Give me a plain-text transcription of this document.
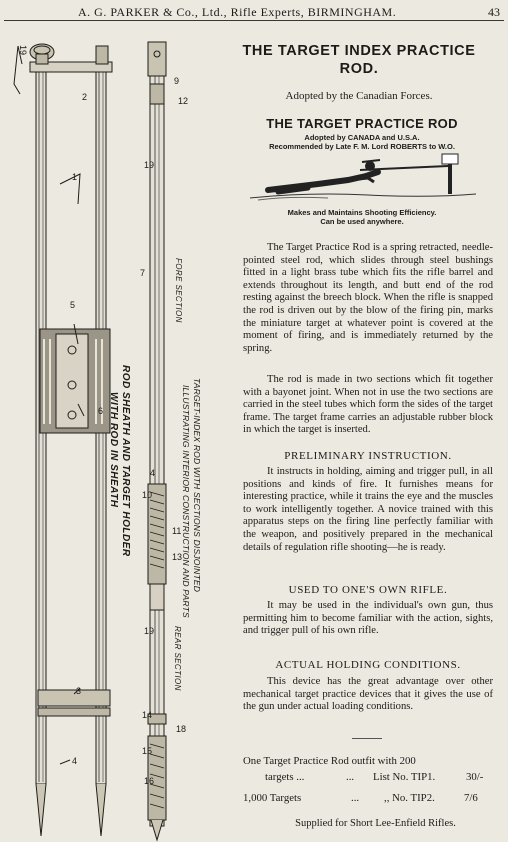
A. G. PARKER & Co., Ltd., Rifle Experts, BIRMINGHAM.	43
19
2
1
5
6
3
4
9
12
19
7
4
10
11
13
19
14
18
15
16
ROD SHEATH AND TARGET HOLDER
WITH ROD IN SHEATH	TARGET-INDEX ROD WITH SECTIONS DISJOINTED
ILLUSTRATING INTERIOR CONSTRUCTION AND PARTS
FORE SECTION
REAR SECTION
THE TARGET INDEX PRACTICE
ROD.
Adopted by the Canadian Forces.
THE TARGET PRACTICE ROD
Adopted by CANADA and U.S.A.
Recommended by Late F. M. Lord ROBERTS to W.O.
Makes and Maintains Shooting Efficiency.
Can be used anywhere.
The Target Practice Rod is a spring retracted, needle-pointed steel rod, which slides through steel bushings fitted in a light brass tube which fits the rifle barrel and extends throughout its length, and butt end of the rod resting against the breech block. When the rifle is snapped the rod is driven out by the blow of the firing pin, marks the miniature target at whatever point is covered at the moment of firing, and is immediately returned by the spring.
The rod is made in two sections which fit together with a bayonet joint. When not in use the two sections are carried in the steel tubes which form the sides of the target frame. The target frame carries an adjustable rubber block in which the target is inserted.
PRELIMINARY INSTRUCTION.
It instructs in holding, aiming and trigger pull, in all positions and kinds of fire. It furnishes means for interesting practice, while it trains the eye and the muscles to work intelligently together. A novice trained with this apparatus steps on the firing line perfectly familiar with the weapon, and positively prepared in the mechanical details of regulation rifle shooting—he is ready.
USED TO ONE'S OWN RIFLE.
It may be used in the individual's own gun, thus permitting him to become familiar with the action, sights, and trigger pull of his own rifle.
ACTUAL HOLDING CONDITIONS.
This device has the great advantage over other mechanical target practice devices that it gives the use of the gun under actual loading conditions.
One Target Practice Rod outfit with 200
targets ...	... List No. TIP1.	30/-
1,000 Targets	... ,, No. TIP2.	7/6
Supplied for Short Lee-Enfield Rifles.
